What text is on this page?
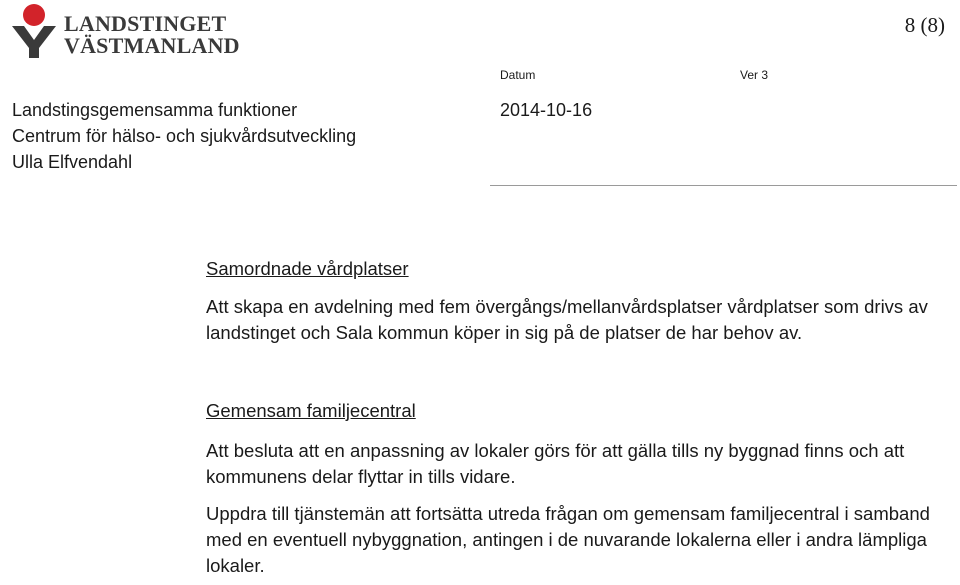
LANDSTINGET
VÄSTMANLAND
8 (8)
Datum	Ver 3
Landstingsgemensamma funktioner
Centrum för hälso- och sjukvårdsutveckling
Ulla Elfvendahl
2014-10-16

Samordnade vårdplatser

Att skapa en avdelning med fem övergångs/mellanvårdsplatser vårdplatser som drivs av landstinget och Sala kommun köper in sig på de platser de har behov av.

Gemensam familjecentral

Att besluta att en anpassning av lokaler görs för att gälla tills ny byggnad finns och att kommunens delar flyttar in tills vidare.

Uppdra till tjänstemän att fortsätta utreda frågan om gemensam familjecentral i samband med en eventuell nybyggnation, antingen i de nuvarande lokalerna eller i andra lämpliga lokaler.
